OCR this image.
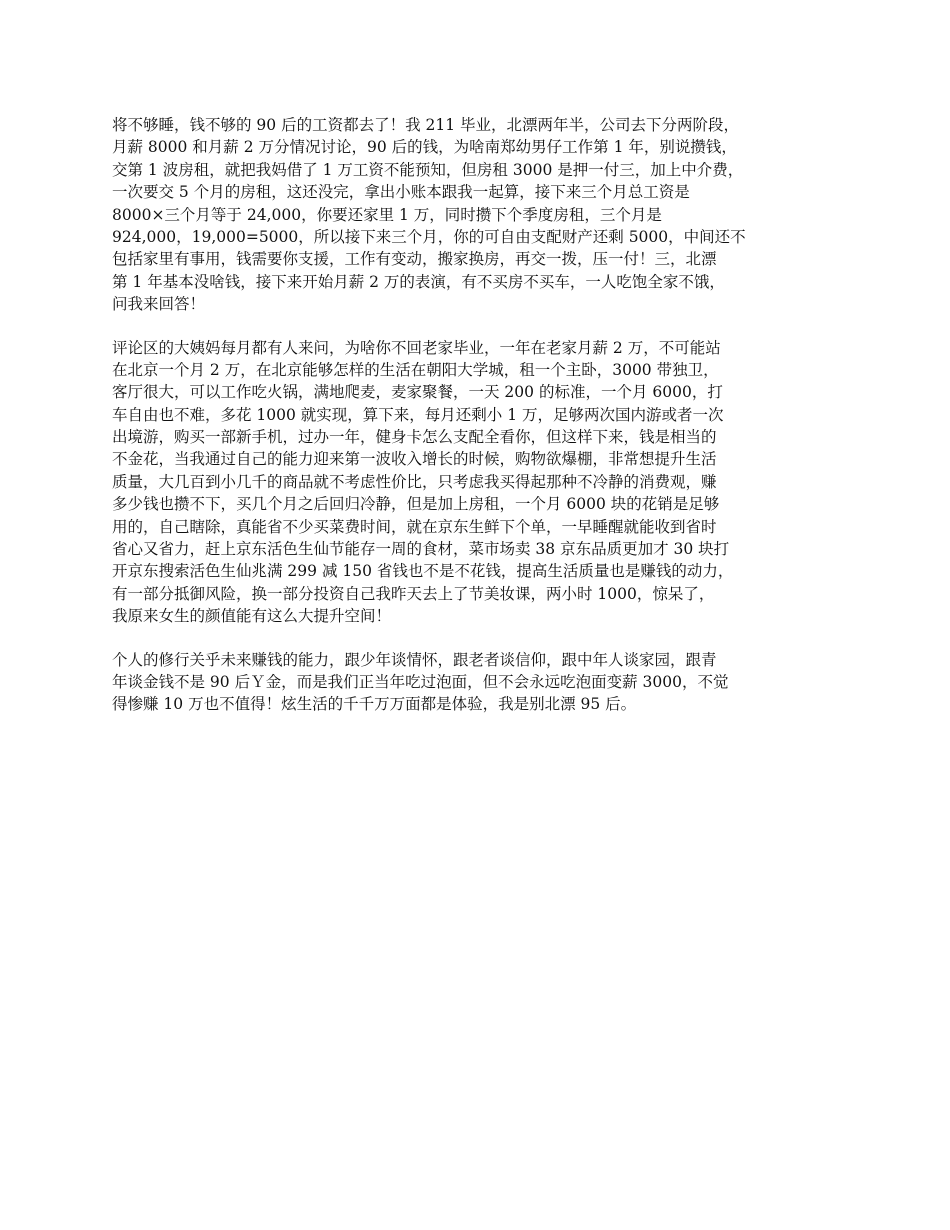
将不够睡，钱不够的 90 后的工资都去了！我 211 毕业，北漂两年半，公司去下分两阶段，
月薪 8000 和月薪 2 万分情况讨论，90 后的钱，为啥南郑幼男仔工作第 1 年，别说攒钱，
交第 1 波房租，就把我妈借了 1 万工资不能预知，但房租 3000 是押一付三，加上中介费，
一次要交 5 个月的房租，这还没完，拿出小账本跟我一起算，接下来三个月总工资是
8000×三个月等于 24,000，你要还家里 1 万，同时攒下个季度房租，三个月是
924,000，19,000=5000，所以接下来三个月，你的可自由支配财产还剩 5000，中间还不
包括家里有事用，钱需要你支援，工作有变动，搬家换房，再交一拨，压一付！三，北漂
第 1 年基本没啥钱，接下来开始月薪 2 万的表演，有不买房不买车，一人吃饱全家不饿，
问我来回答！

评论区的大姨妈每月都有人来问，为啥你不回老家毕业，一年在老家月薪 2 万，不可能站
在北京一个月 2 万，在北京能够怎样的生活在朝阳大学城，租一个主卧，3000 带独卫，
客厅很大，可以工作吃火锅，满地爬麦，麦家聚餐，一天 200 的标准，一个月 6000，打
车自由也不难，多花 1000 就实现，算下来，每月还剩小 1 万，足够两次国内游或者一次
出境游，购买一部新手机，过办一年，健身卡怎么支配全看你，但这样下来，钱是相当的
不金花，当我通过自己的能力迎来第一波收入增长的时候，购物欲爆棚，非常想提升生活
质量，大几百到小几千的商品就不考虑性价比，只考虑我买得起那种不冷静的消费观，赚
多少钱也攒不下，买几个月之后回归冷静，但是加上房租，一个月 6000 块的花销是足够
用的，自己瞎除，真能省不少买菜费时间，就在京东生鲜下个单，一早睡醒就能收到省时
省心又省力，赶上京东活色生仙节能存一周的食材，菜市场卖 38 京东品质更加才 30 块打
开京东搜索活色生仙兆满 299 减 150 省钱也不是不花钱，提高生活质量也是赚钱的动力，
有一部分抵御风险，换一部分投资自己我昨天去上了节美妆课，两小时 1000，惊呆了，
我原来女生的颜值能有这么大提升空间！

个人的修行关乎未来赚钱的能力，跟少年谈情怀，跟老者谈信仰，跟中年人谈家园，跟青
年谈金钱不是 90 后Ｙ金，而是我们正当年吃过泡面，但不会永远吃泡面变薪 3000，不觉
得惨赚 10 万也不值得！炫生活的千千万万面都是体验，我是别北漂 95 后。
